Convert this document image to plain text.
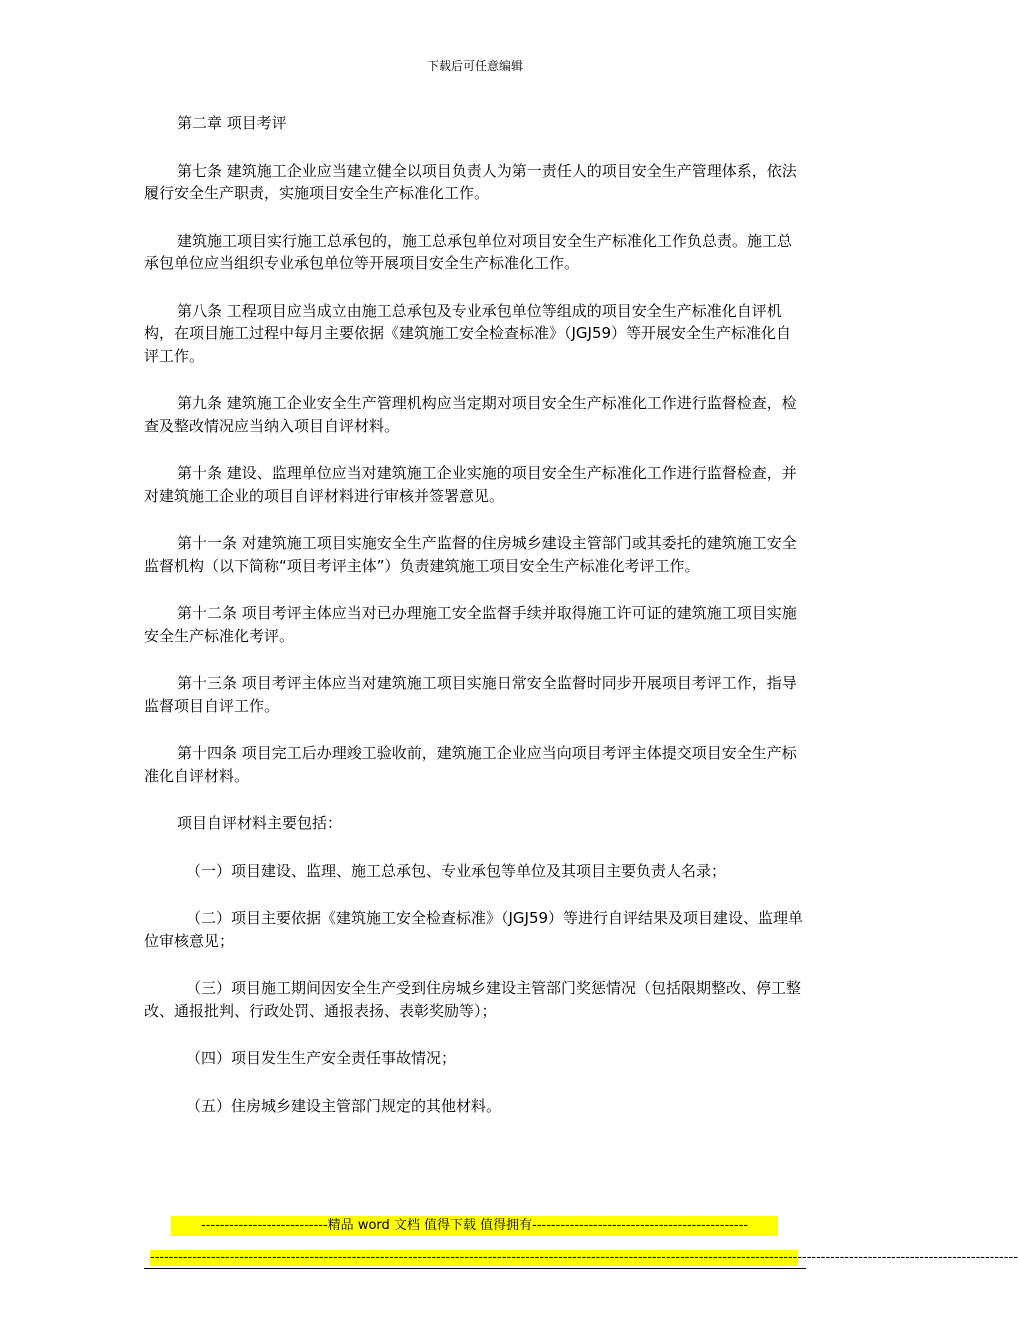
下载后可任意编辑

第二章 项目考评

第七条 建筑施工企业应当建立健全以项目负责人为第一责任人的项目安全生产管理体系，依法履行安全生产职责，实施项目安全生产标准化工作。

建筑施工项目实行施工总承包的，施工总承包单位对项目安全生产标准化工作负总责。施工总承包单位应当组织专业承包单位等开展项目安全生产标准化工作。

第八条 工程项目应当成立由施工总承包及专业承包单位等组成的项目安全生产标准化自评机构，在项目施工过程中每月主要依据《建筑施工安全检查标准》（JGJ59）等开展安全生产标准化自评工作。

第九条 建筑施工企业安全生产管理机构应当定期对项目安全生产标准化工作进行监督检查，检查及整改情况应当纳入项目自评材料。

第十条 建设、监理单位应当对建筑施工企业实施的项目安全生产标准化工作进行监督检查，并对建筑施工企业的项目自评材料进行审核并签署意见。

第十一条 对建筑施工项目实施安全生产监督的住房城乡建设主管部门或其委托的建筑施工安全监督机构（以下简称“项目考评主体”）负责建筑施工项目安全生产标准化考评工作。

第十二条 项目考评主体应当对已办理施工安全监督手续并取得施工许可证的建筑施工项目实施安全生产标准化考评。

第十三条 项目考评主体应当对建筑施工项目实施日常安全监督时同步开展项目考评工作，指导监督项目自评工作。

第十四条 项目完工后办理竣工验收前，建筑施工企业应当向项目考评主体提交项目安全生产标准化自评材料。

项目自评材料主要包括：

（一）项目建设、监理、施工总承包、专业承包等单位及其项目主要负责人名录；

（二）项目主要依据《建筑施工安全检查标准》（JGJ59）等进行自评结果及项目建设、监理单位审核意见；

（三）项目施工期间因安全生产受到住房城乡建设主管部门奖惩情况（包括限期整改、停工整改、通报批判、行政处罚、通报表扬、表彰奖励等）；

（四）项目发生生产安全责任事故情况；

（五）住房城乡建设主管部门规定的其他材料。

---------------------------精品 word 文档 值得下载 值得拥有----------------------------------------------
-----------------------------------------------------------------------------------------------------------------------------------------------------------------------------------------
